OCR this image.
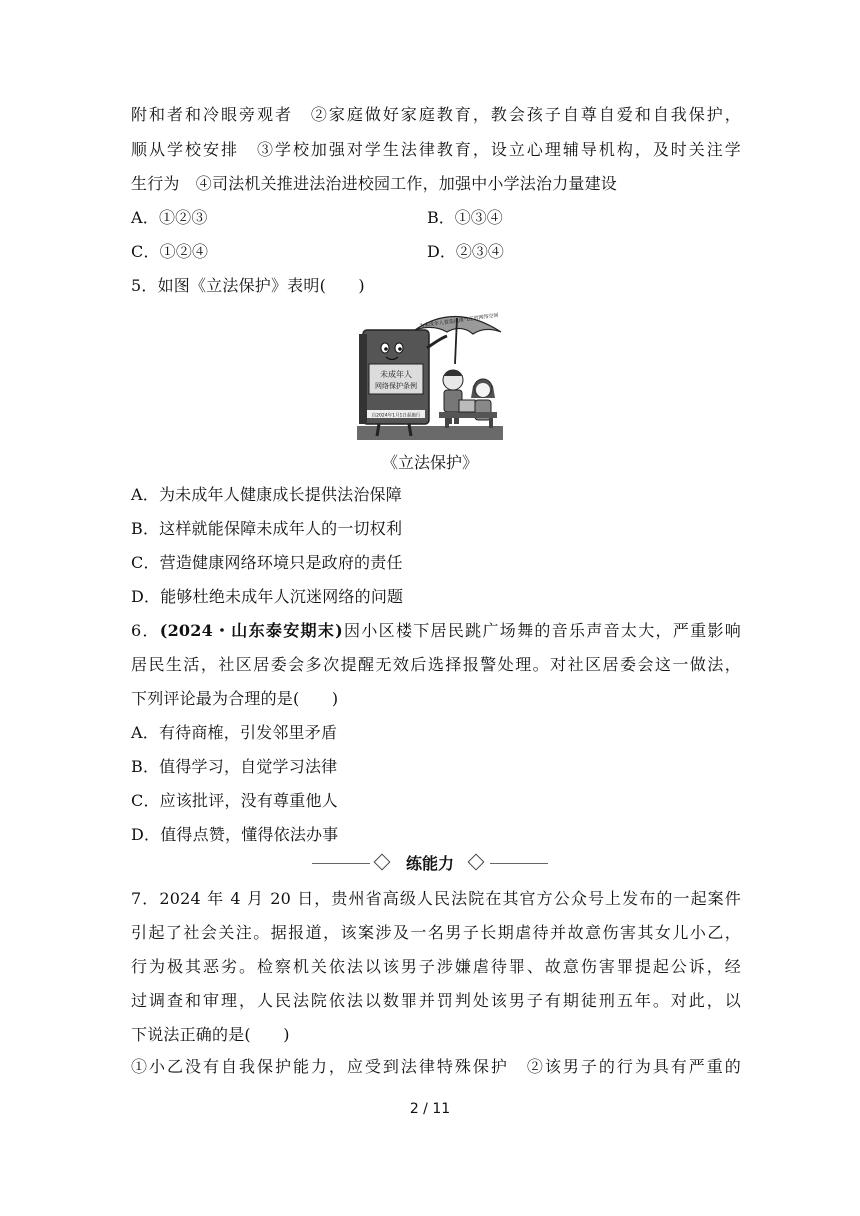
附和者和冷眼旁观者　②家庭做好家庭教育，教会孩子自尊自爱和自我保护，
顺从学校安排　③学校加强对学生法律教育，设立心理辅导机构，及时关注学
生行为　④司法机关推进法治进校园工作，加强中小学法治力量建设
A．①②③	B．①③④
C．①②④	D．②③④
5．如图《立法保护》表明(　　)
未成年人
网络保护条例
自2024年1月1日起施行
为未成年人营造风清气正的网络空间
《立法保护》
A．为未成年人健康成长提供法治保障
B．这样就能保障未成年人的一切权利
C．营造健康网络环境只是政府的责任
D．能够杜绝未成年人沉迷网络的问题
6．(2024・山东泰安期末)因小区楼下居民跳广场舞的音乐声音太大，严重影响
居民生活，社区居委会多次提醒无效后选择报警处理。对社区居委会这一做法，
下列评论最为合理的是(　　)
A．有待商榷，引发邻里矛盾
B．值得学习，自觉学习法律
C．应该批评，没有尊重他人
D．值得点赞，懂得依法办事
练能力
7．2024 年 4 月 20 日，贵州省高级人民法院在其官方公众号上发布的一起案件
引起了社会关注。据报道，该案涉及一名男子长期虐待并故意伤害其女儿小乙，
行为极其恶劣。检察机关依法以该男子涉嫌虐待罪、故意伤害罪提起公诉，经
过调查和审理，人民法院依法以数罪并罚判处该男子有期徒刑五年。对此，以
下说法正确的是(　　)
①小乙没有自我保护能力，应受到法律特殊保护　②该男子的行为具有严重的
2 / 11
